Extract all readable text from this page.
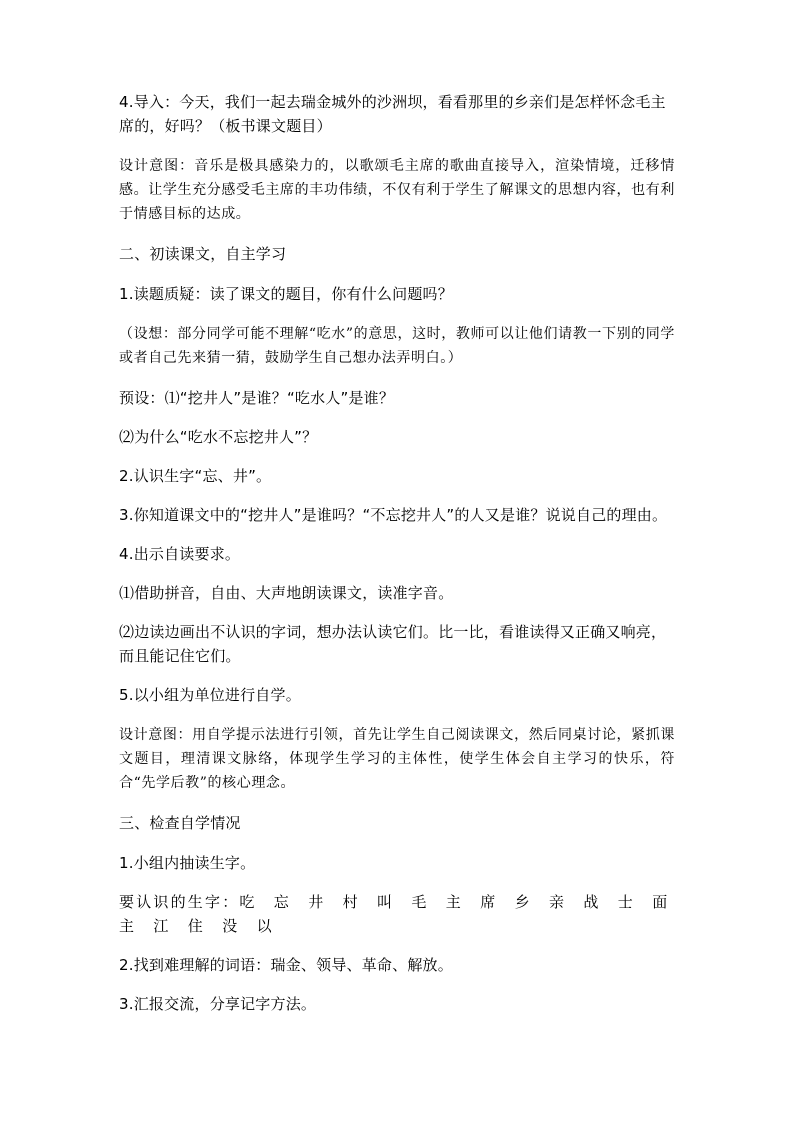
4.导入：今天，我们一起去瑞金城外的沙洲坝，看看那里的乡亲们是怎样怀念毛主席的，好吗？（板书课文题目）

设计意图：音乐是极具感染力的，以歌颂毛主席的歌曲直接导入，渲染情境，迁移情感。让学生充分感受毛主席的丰功伟绩，不仅有利于学生了解课文的思想内容，也有利于情感目标的达成。

二、初读课文，自主学习

1.读题质疑：读了课文的题目，你有什么问题吗？

（设想：部分同学可能不理解“吃水”的意思，这时，教师可以让他们请教一下别的同学或者自己先来猜一猜，鼓励学生自己想办法弄明白。）

预设：⑴“挖井人”是谁？“吃水人”是谁？

⑵为什么“吃水不忘挖井人”？

2.认识生字“忘、井”。

3.你知道课文中的“挖井人”是谁吗？“不忘挖井人”的人又是谁？说说自己的理由。

4.出示自读要求。

⑴借助拼音，自由、大声地朗读课文，读准字音。

⑵边读边画出不认识的字词，想办法认读它们。比一比，看谁读得又正确又响亮，而且能记住它们。

5.以小组为单位进行自学。

设计意图：用自学提示法进行引领，首先让学生自己阅读课文，然后同桌讨论，紧抓课文题目，理清课文脉络，体现学生学习的主体性，使学生体会自主学习的快乐，符合“先学后教”的核心理念。

三、检查自学情况

1.小组内抽读生字。

要认识的生字：吃　忘　井　村　叫　毛　主　席　乡　亲　战　士　面　主　江　住　没　以

2.找到难理解的词语：瑞金、领导、革命、解放。

3.汇报交流，分享记字方法。
